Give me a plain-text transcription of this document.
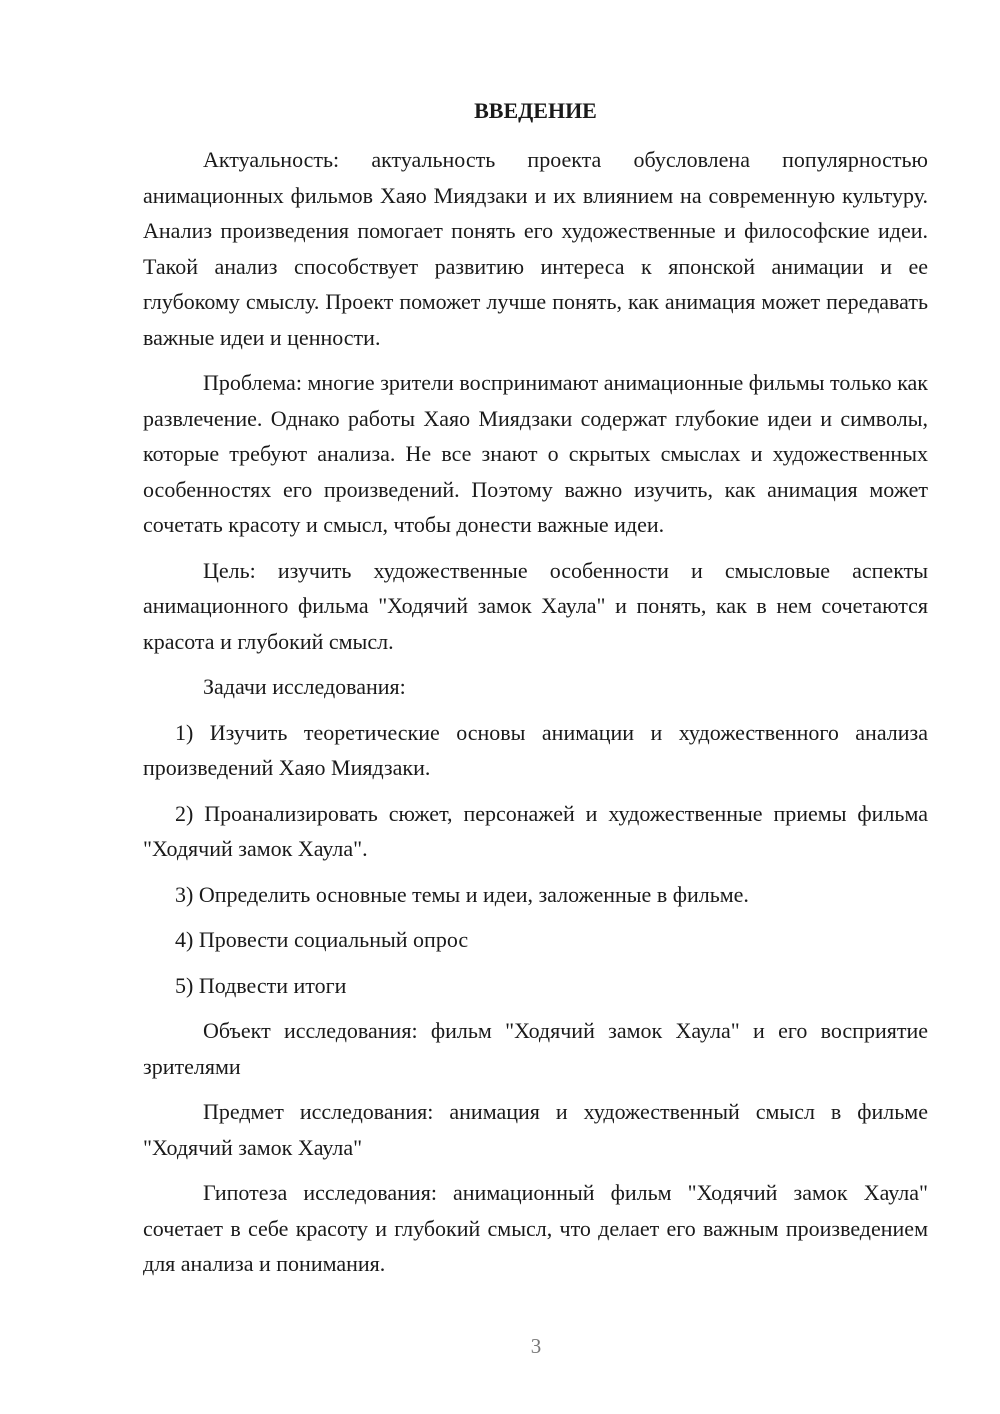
ВВЕДЕНИЕ

Актуальность: актуальность проекта обусловлена популярностью анимационных фильмов Хаяо Миядзаки и их влиянием на современную культуру. Анализ произведения помогает понять его художественные и философские идеи. Такой анализ способствует развитию интереса к японской анимации и ее глубокому смыслу. Проект поможет лучше понять, как анимация может передавать важные идеи и ценности.

Проблема: многие зрители воспринимают анимационные фильмы только как развлечение. Однако работы Хаяо Миядзаки содержат глубокие идеи и символы, которые требуют анализа. Не все знают о скрытых смыслах и художественных особенностях его произведений. Поэтому важно изучить, как анимация может сочетать красоту и смысл, чтобы донести важные идеи.

Цель: изучить художественные особенности и смысловые аспекты анимационного фильма "Ходячий замок Хаула" и понять, как в нем сочетаются красота и глубокий смысл.

Задачи исследования:

1) Изучить теоретические основы анимации и художественного анализа произведений Хаяо Миядзаки.

2) Проанализировать сюжет, персонажей и художественные приемы фильма "Ходячий замок Хаула".

3) Определить основные темы и идеи, заложенные в фильме.

4) Провести социальный опрос

5) Подвести итоги

Объект исследования: фильм "Ходячий замок Хаула" и его восприятие зрителями

Предмет исследования: анимация и художественный смысл в фильме "Ходячий замок Хаула"

Гипотеза исследования: анимационный фильм "Ходячий замок Хаула" сочетает в себе красоту и глубокий смысл, что делает его важным произведением для анализа и понимания.

3
